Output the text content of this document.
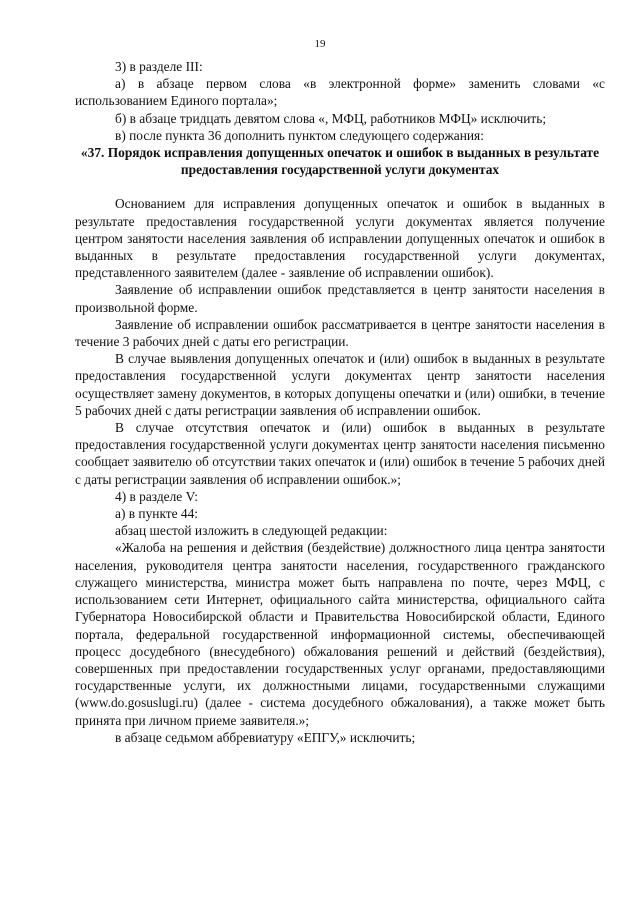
19

3) в разделе III:

а) в абзаце первом слова «в электронной форме» заменить словами «с использованием Единого портала»;

б) в абзаце тридцать девятом слова «, МФЦ, работников МФЦ» исключить;

в) после пункта 36 дополнить пунктом следующего содержания:

«37. Порядок исправления допущенных опечаток и ошибок в выданных в результате предоставления государственной услуги документах

Основанием для исправления допущенных опечаток и ошибок в выданных в результате предоставления государственной услуги документах является получение центром занятости населения заявления об исправлении допущенных опечаток и ошибок в выданных в результате предоставления государственной услуги документах, представленного заявителем (далее - заявление об исправлении ошибок).

Заявление об исправлении ошибок представляется в центр занятости населения в произвольной форме.

Заявление об исправлении ошибок рассматривается в центре занятости населения в течение 3 рабочих дней с даты его регистрации.

В случае выявления допущенных опечаток и (или) ошибок в выданных в результате предоставления государственной услуги документах центр занятости населения осуществляет замену документов, в которых допущены опечатки и (или) ошибки, в течение 5 рабочих дней с даты регистрации заявления об исправлении ошибок.

В случае отсутствия опечаток и (или) ошибок в выданных в результате предоставления государственной услуги документах центр занятости населения письменно сообщает заявителю об отсутствии таких опечаток и (или) ошибок в течение 5 рабочих дней с даты регистрации заявления об исправлении ошибок.»;

4) в разделе V:

а) в пункте 44:

абзац шестой изложить в следующей редакции:

«Жалоба на решения и действия (бездействие) должностного лица центра занятости населения, руководителя центра занятости населения, государственного гражданского служащего министерства, министра может быть направлена по почте, через МФЦ, с использованием сети Интернет, официального сайта министерства, официального сайта Губернатора Новосибирской области и Правительства Новосибирской области, Единого портала, федеральной государственной информационной системы, обеспечивающей процесс досудебного (внесудебного) обжалования решений и действий (бездействия), совершенных при предоставлении государственных услуг органами, предоставляющими государственные услуги, их должностными лицами, государственными служащими (www.do.gosuslugi.ru) (далее - система досудебного обжалования), а также может быть принята при личном приеме заявителя.»;

в абзаце седьмом аббревиатуру «ЕПГУ,» исключить;
